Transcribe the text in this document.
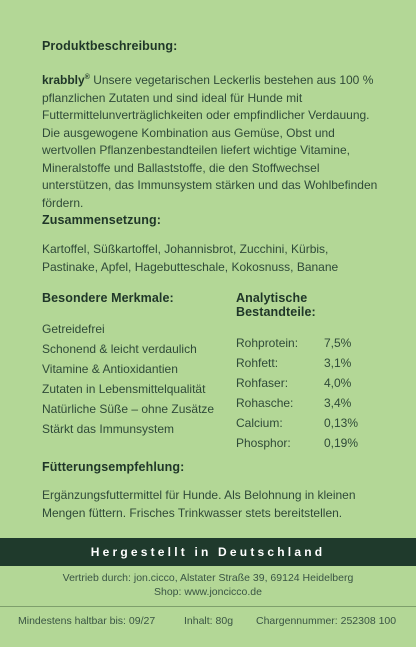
Produktbeschreibung:

krabbly® Unsere vegetarischen Leckerlis bestehen aus 100 % pflanzlichen Zutaten und sind ideal für Hunde mit Futtermittelunverträglichkeiten oder empfindlicher Verdauung. Die ausgewogene Kombination aus Gemüse, Obst und wertvollen Pflanzenbestandteilen liefert wichtige Vitamine, Mineralstoffe und Ballaststoffe, die den Stoffwechsel unterstützen, das Immunsystem stärken und das Wohlbefinden fördern.

Zusammensetzung:

Kartoffel, Süßkartoffel, Johannisbrot, Zucchini, Kürbis, Pastinake, Apfel, Hagebutteschale, Kokosnuss, Banane

Besondere Merkmale:
Getreidefrei
Schonend & leicht verdaulich
Vitamine & Antioxidantien
Zutaten in Lebensmittelqualität
Natürliche Süße – ohne Zusätze
Stärkt das Immunsystem
Analytische Bestandteile:
Rohprotein:	7,5%
Rohfett:	3,1%
Rohfaser:	4,0%
Rohasche:	3,4%
Calcium:	0,13%
Phosphor:	0,19%
Fütterungsempfehlung:

Ergänzungsfuttermittel für Hunde. Als Belohnung in kleinen Mengen füttern. Frisches Trinkwasser stets bereitstellen.

Hergestellt in Deutschland
Vertrieb durch: jon.cicco, Alstater Straße 39, 69124 Heidelberg
Shop: www.joncicco.de
Mindestens haltbar bis: 09/27	Inhalt: 80g Chargennummer: 252308 100
